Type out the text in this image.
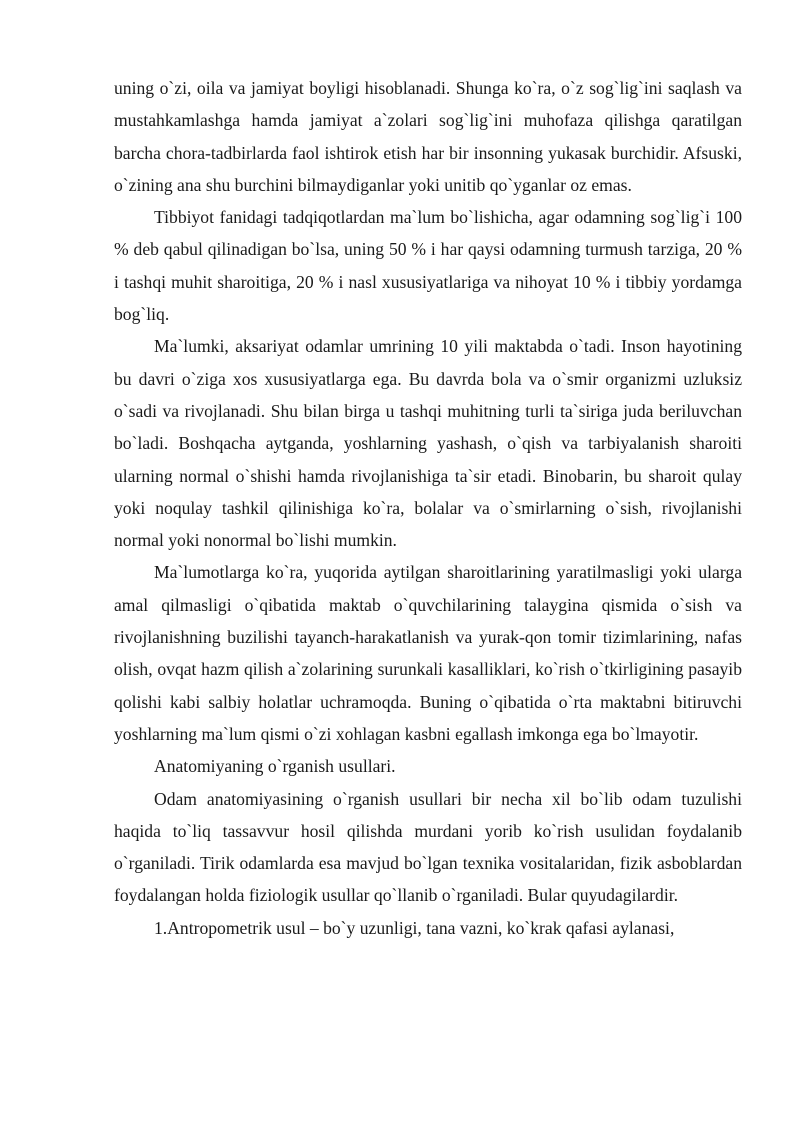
uning o`zi, oila va jamiyat boyligi hisoblanadi. Shunga ko`ra, o`z sog`lig`ini saqlash va mustahkamlashga hamda jamiyat a`zolari sog`lig`ini muhofaza qilishga qaratilgan barcha chora-tadbirlarda faol ishtirok etish har bir insonning yukasak burchidir. Afsuski, o`zining ana shu burchini bilmaydiganlar yoki unitib qo`yganlar oz emas.

Tibbiyot fanidagi tadqiqotlardan ma`lum bo`lishicha, agar odamning sog`lig`i 100 % deb qabul qilinadigan bo`lsa, uning 50 % i har qaysi odamning turmush tarziga, 20 % i tashqi muhit sharoitiga, 20 % i nasl xususiyatlariga va nihoyat 10 % i tibbiy yordamga bog`liq.

Ma`lumki, aksariyat odamlar umrining 10 yili maktabda o`tadi. Inson hayotining bu davri o`ziga xos xususiyatlarga ega. Bu davrda bola va o`smir organizmi uzluksiz o`sadi va rivojlanadi. Shu bilan birga u tashqi muhitning turli ta`siriga juda beriluvchan bo`ladi. Boshqacha aytganda, yoshlarning yashash, o`qish va tarbiyalanish sharoiti ularning normal o`shishi hamda rivojlanishiga ta`sir etadi. Binobarin, bu sharoit qulay yoki noqulay tashkil qilinishiga ko`ra, bolalar va o`smirlarning o`sish, rivojlanishi normal yoki nonormal bo`lishi mumkin.

Ma`lumotlarga ko`ra, yuqorida aytilgan sharoitlarining yaratilmasligi yoki ularga amal qilmasligi o`qibatida maktab o`quvchilarining talaygina qismida o`sish va rivojlanishning buzilishi tayanch-harakatlanish va yurak-qon tomir tizimlarining, nafas olish, ovqat hazm qilish a`zolarining surunkali kasalliklari, ko`rish o`tkirligining pasayib qolishi kabi salbiy holatlar uchramoqda. Buning o`qibatida o`rta maktabni bitiruvchi yoshlarning ma`lum qismi o`zi xohlagan kasbni egallash imkonga ega bo`lmayotir.

Anatomiyaning o`rganish usullari.

Odam anatomiyasining o`rganish usullari bir necha xil bo`lib odam tuzulishi haqida to`liq tassavvur hosil qilishda murdani yorib ko`rish usulidan foydalanib o`rganiladi. Tirik odamlarda esa mavjud bo`lgan texnika vositalaridan, fizik asboblardan foydalangan holda fiziologik usullar qo`llanib o`rganiladi. Bular quyudagilardir.

1.Antropometrik usul – bo`y uzunligi, tana vazni, ko`krak qafasi aylanasi,
